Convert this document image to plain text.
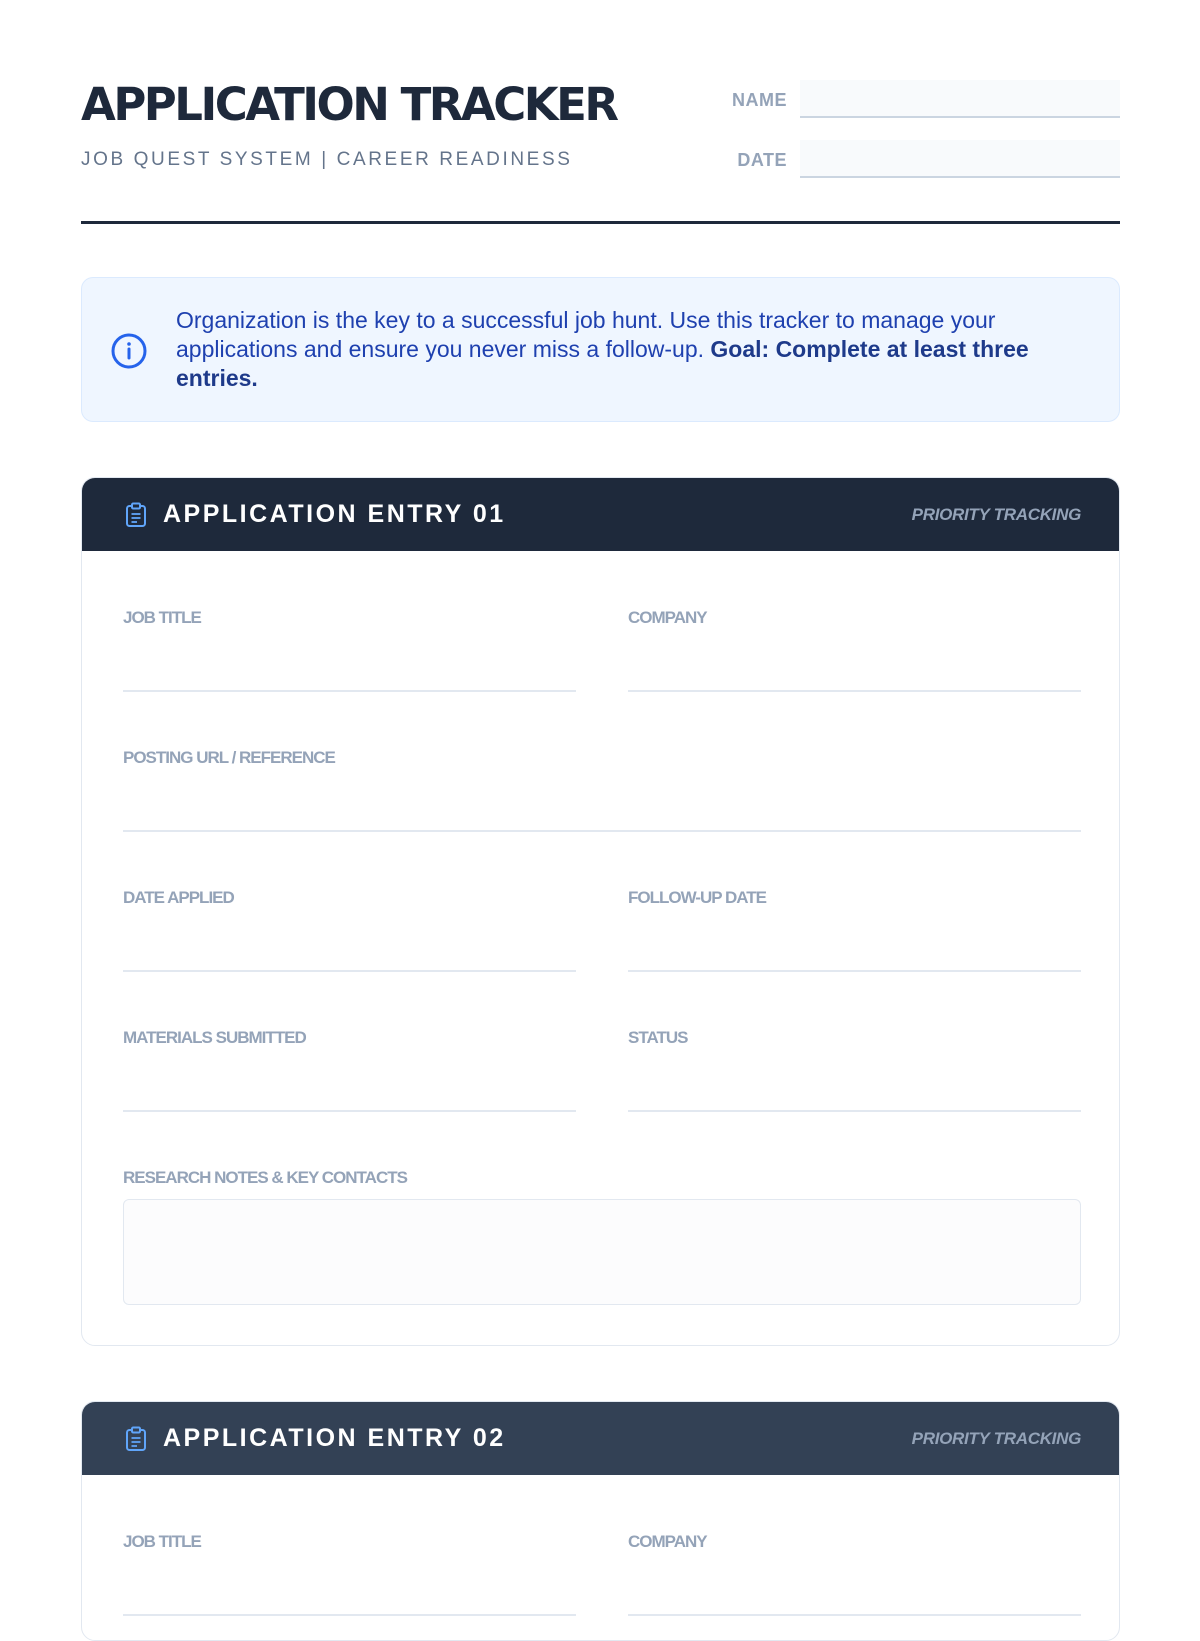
APPLICATION TRACKER
JOB QUEST SYSTEM | CAREER READINESS
NAME
DATE
Organization is the key to a successful job hunt. Use this tracker to manage your applications and ensure you never miss a follow-up. Goal: Complete at least three entries.
APPLICATION ENTRY 01	PRIORITY TRACKING
JOB TITLE	COMPANY
POSTING URL / REFERENCE
DATE APPLIED	FOLLOW-UP DATE
MATERIALS SUBMITTED	STATUS
RESEARCH NOTES & KEY CONTACTS
APPLICATION ENTRY 02	PRIORITY TRACKING
JOB TITLE	COMPANY
